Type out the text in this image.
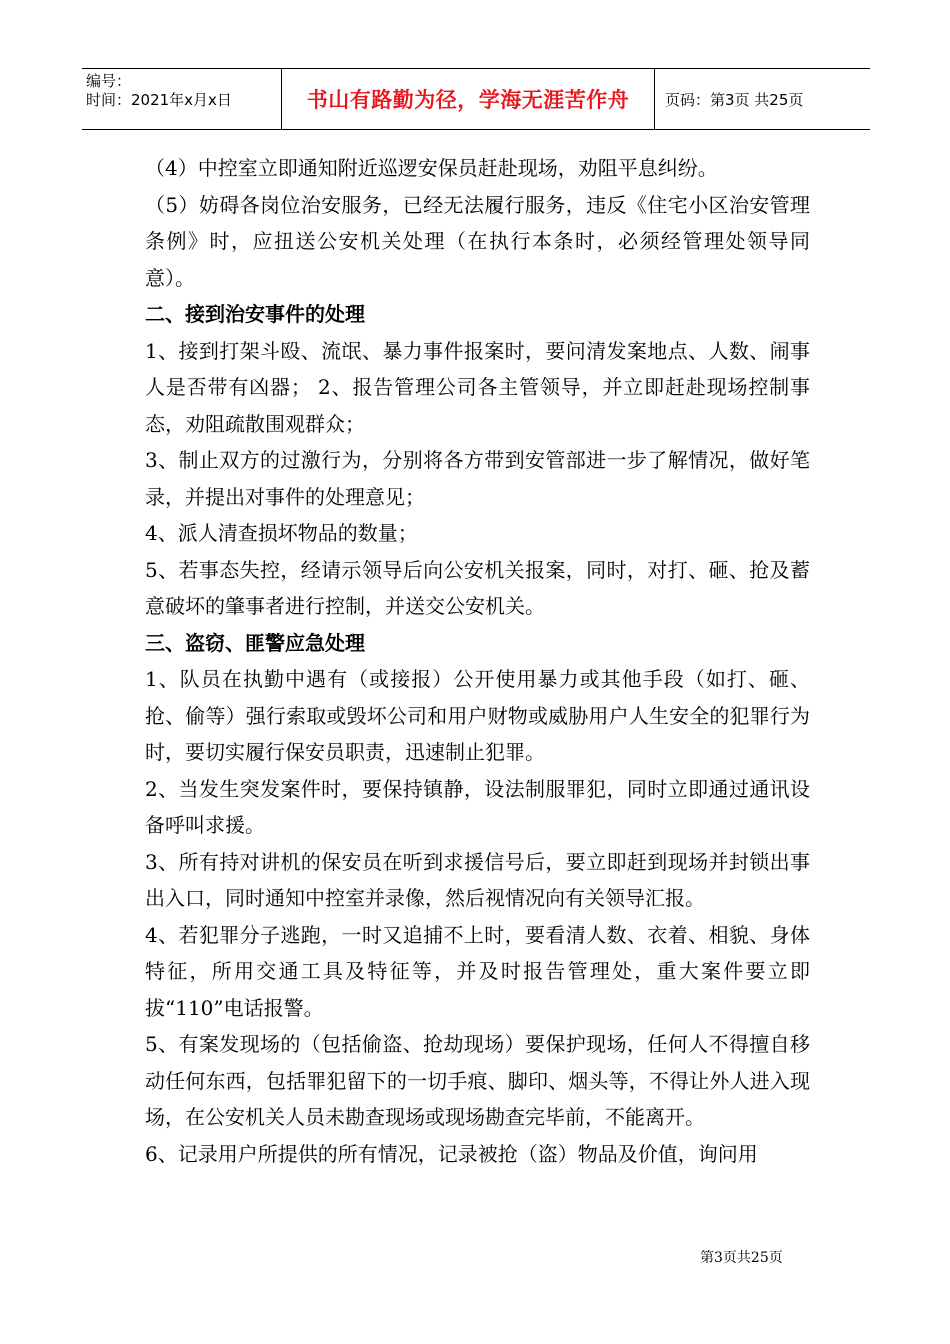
编号：
时间：2021年x月x日	书山有路勤为径，学海无涯苦作舟	页码：第3页 共25页

（4）中控室立即通知附近巡逻安保员赶赴现场，劝阻平息纠纷。

（5）妨碍各岗位治安服务，已经无法履行服务，违反《住宅小区治安管理条例》时，应扭送公安机关处理（在执行本条时，必须经管理处领导同意）。

二、接到治安事件的处理

1、接到打架斗殴、流氓、暴力事件报案时，要问清发案地点、人数、闹事人是否带有凶器； 2、报告管理公司各主管领导，并立即赶赴现场控制事态，劝阻疏散围观群众；

3、制止双方的过激行为，分别将各方带到安管部进一步了解情况，做好笔录，并提出对事件的处理意见；

4、派人清查损坏物品的数量；

5、若事态失控，经请示领导后向公安机关报案，同时，对打、砸、抢及蓄意破坏的肇事者进行控制，并送交公安机关。

三、盗窃、匪警应急处理

1、队员在执勤中遇有（或接报）公开使用暴力或其他手段（如打、砸、抢、偷等）强行索取或毁坏公司和用户财物或威胁用户人生安全的犯罪行为时，要切实履行保安员职责，迅速制止犯罪。

2、当发生突发案件时，要保持镇静，设法制服罪犯，同时立即通过通讯设备呼叫求援。

3、所有持对讲机的保安员在听到求援信号后，要立即赶到现场并封锁出事出入口，同时通知中控室并录像，然后视情况向有关领导汇报。

4、若犯罪分子逃跑，一时又追捕不上时，要看清人数、衣着、相貌、身体特征，所用交通工具及特征等，并及时报告管理处，重大案件要立即拔“110”电话报警。

5、有案发现场的（包括偷盗、抢劫现场）要保护现场，任何人不得擅自移动任何东西，包括罪犯留下的一切手痕、脚印、烟头等，不得让外人进入现场，在公安机关人员未勘查现场或现场勘查完毕前，不能离开。

6、记录用户所提供的所有情况，记录被抢（盗）物品及价值，询问用

第3页共25页
